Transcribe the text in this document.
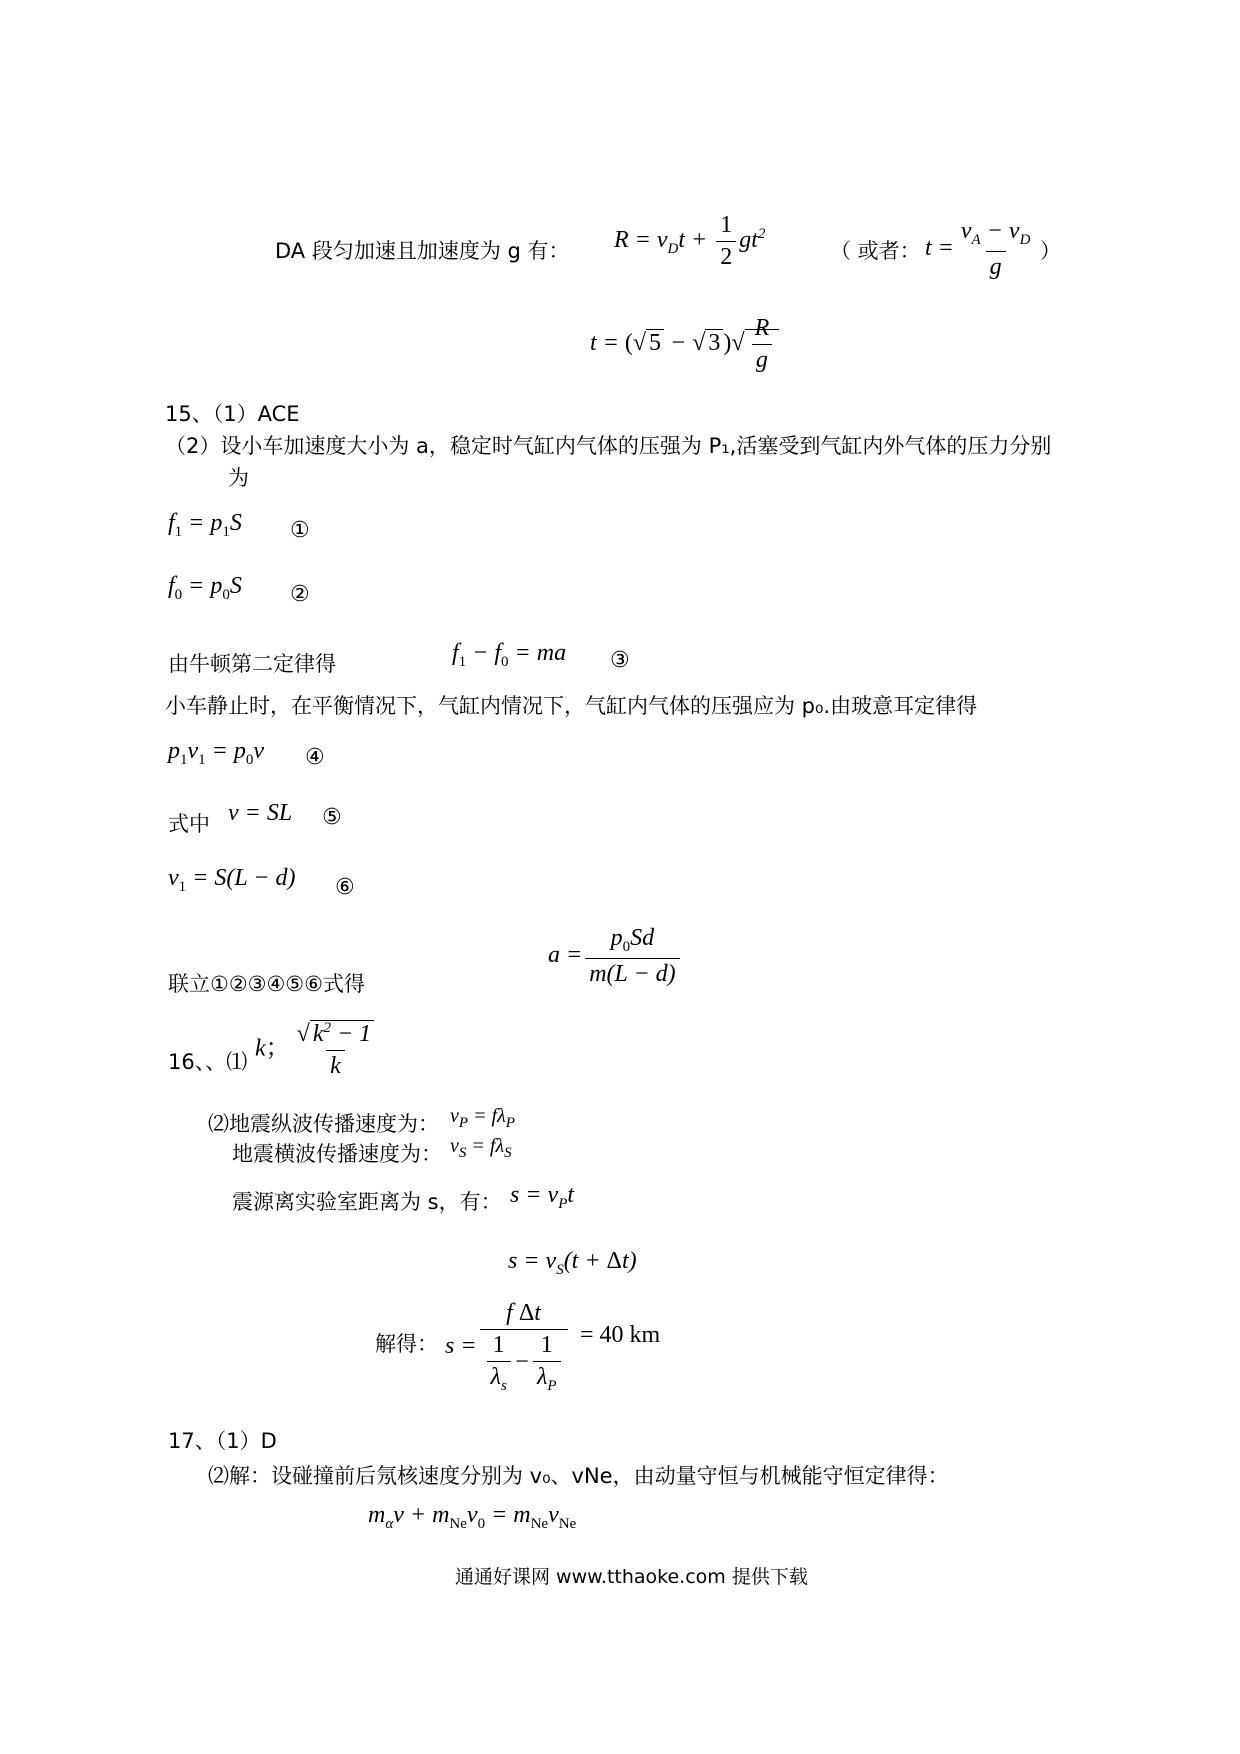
DA 段匀加速且加速度为 g 有： $R = v_Dt + \frac{1}{2} gt^2$
（ 或者： $t = \frac{v_A - v_D}{g}$ ）
t = (√ 5 − √ 3 )√ $\frac{R}{g}$
15、（1）ACE
（2）设小车加速度大小为 a，稳定时气缸内气体的压强为 P₁,活塞受到气缸内外气体的压力分别
为
$f_1 = p_1S$ ①
$f_0 = p_0S$ ②
由牛顿第二定律得	$f_1 - f_0$ = ma ③
小车静止时，在平衡情况下，气缸内情况下，气缸内气体的压强应为 p₀.由玻意耳定律得
$p_1v_1 = p_0v$ ④
式中 v = SL ⑤
$v_1 = S(L - d)$ ⑥
$a = \frac{p_0Sd}{m(L - d)}$
联立①②③④⑤⑥式得
16、、⑴
k； $\frac{√ k^2 - 1}{k}$
⑵地震纵波传播速度为： $v_P = f\lambda_P$
地震横波传播速度为： $v_S = f\lambda_S$
震源离实验室距离为 s，有： $s = v_Pt$
$s = v_S(t + \Delta t)$
解得： $s = \frac{\text{f Δt}}{\frac{1}{\lambda_s} - \frac{1}{\lambda_P}} = 40$ km
17、（1）D
⑵解：设碰撞前后氖核速度分别为 v₀、vNe，由动量守恒与机械能守恒定律得：
$m_\alpha v + m_{Ne}v_0 = m_{Ne}v_{Ne}$
通通好课网 www.tthaoke.com 提供下载
